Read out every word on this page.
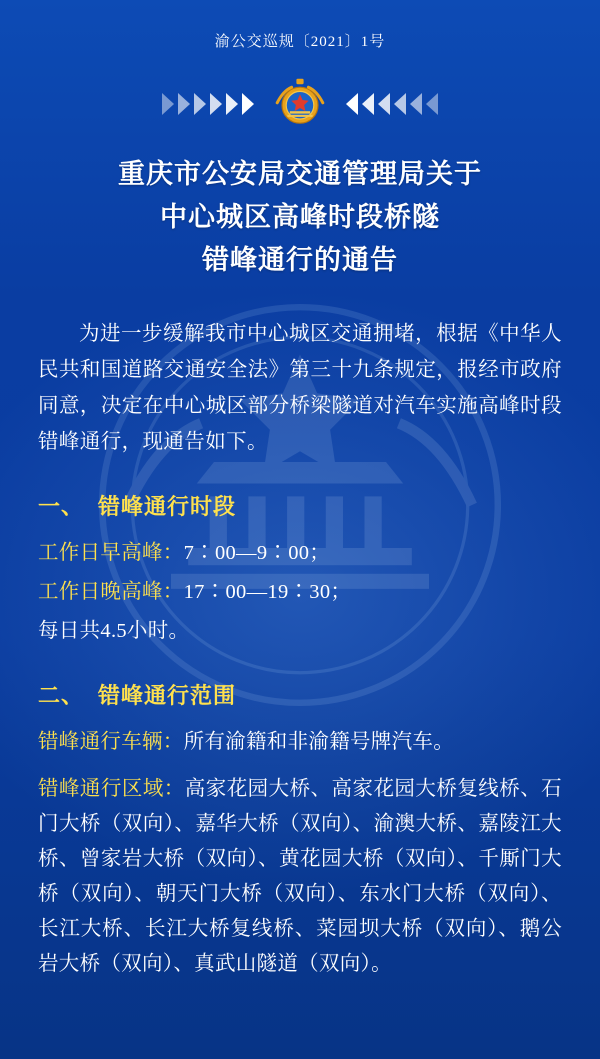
渝公交巡规〔2021〕1号
重庆市公安局交通管理局关于
中心城区高峰时段桥隧
错峰通行的通告
为进一步缓解我市中心城区交通拥堵，根据《中华人民共和国道路交通安全法》第三十九条规定，报经市政府同意，决定在中心城区部分桥梁隧道对汽车实施高峰时段错峰通行，现通告如下。
一、 错峰通行时段
工作日早高峰：7∶00—9∶00；
工作日晚高峰：17∶00—19∶30；
每日共4.5小时。
二、 错峰通行范围
错峰通行车辆：所有渝籍和非渝籍号牌汽车。
错峰通行区域：高家花园大桥、高家花园大桥复线桥、石门大桥（双向）、嘉华大桥（双向）、渝澳大桥、嘉陵江大桥、曾家岩大桥（双向）、黄花园大桥（双向）、千厮门大桥（双向）、朝天门大桥（双向）、东水门大桥（双向）、长江大桥、长江大桥复线桥、菜园坝大桥（双向）、鹅公岩大桥（双向）、真武山隧道（双向）。
